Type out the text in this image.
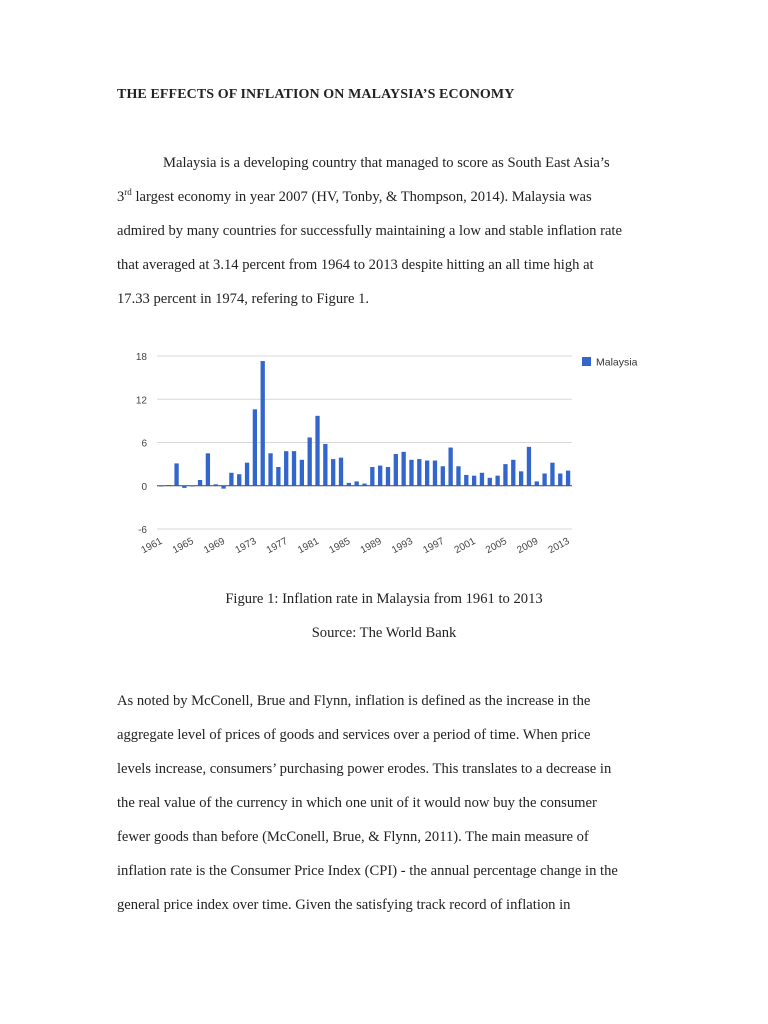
THE EFFECTS OF INFLATION ON MALAYSIA’S ECONOMY

Malaysia is a developing country that managed to score as South East Asia’s
3rd largest economy in year 2007 (HV, Tonby, & Thompson, 2014). Malaysia was
admired by many countries for successfully maintaining a low and stable inflation rate
that averaged at 3.14 percent from 1964 to 2013 despite hitting an all time high at
17.33 percent in 1974, refering to Figure 1.

-6
0
6
12
18
1961 1965 1969 1973 1977 1981 1985 1989 1993 1997 2001 2005 2009 2013
Malaysia

Figure 1: Inflation rate in Malaysia from 1961 to 2013

Source: The World Bank

As noted by McConell, Brue and Flynn, inflation is defined as the increase in the
aggregate level of prices of goods and services over a period of time. When price
levels increase, consumers’ purchasing power erodes. This translates to a decrease in
the real value of the currency in which one unit of it would now buy the consumer
fewer goods than before (McConell, Brue, & Flynn, 2011). The main measure of
inflation rate is the Consumer Price Index (CPI) - the annual percentage change in the
general price index over time. Given the satisfying track record of inflation in
